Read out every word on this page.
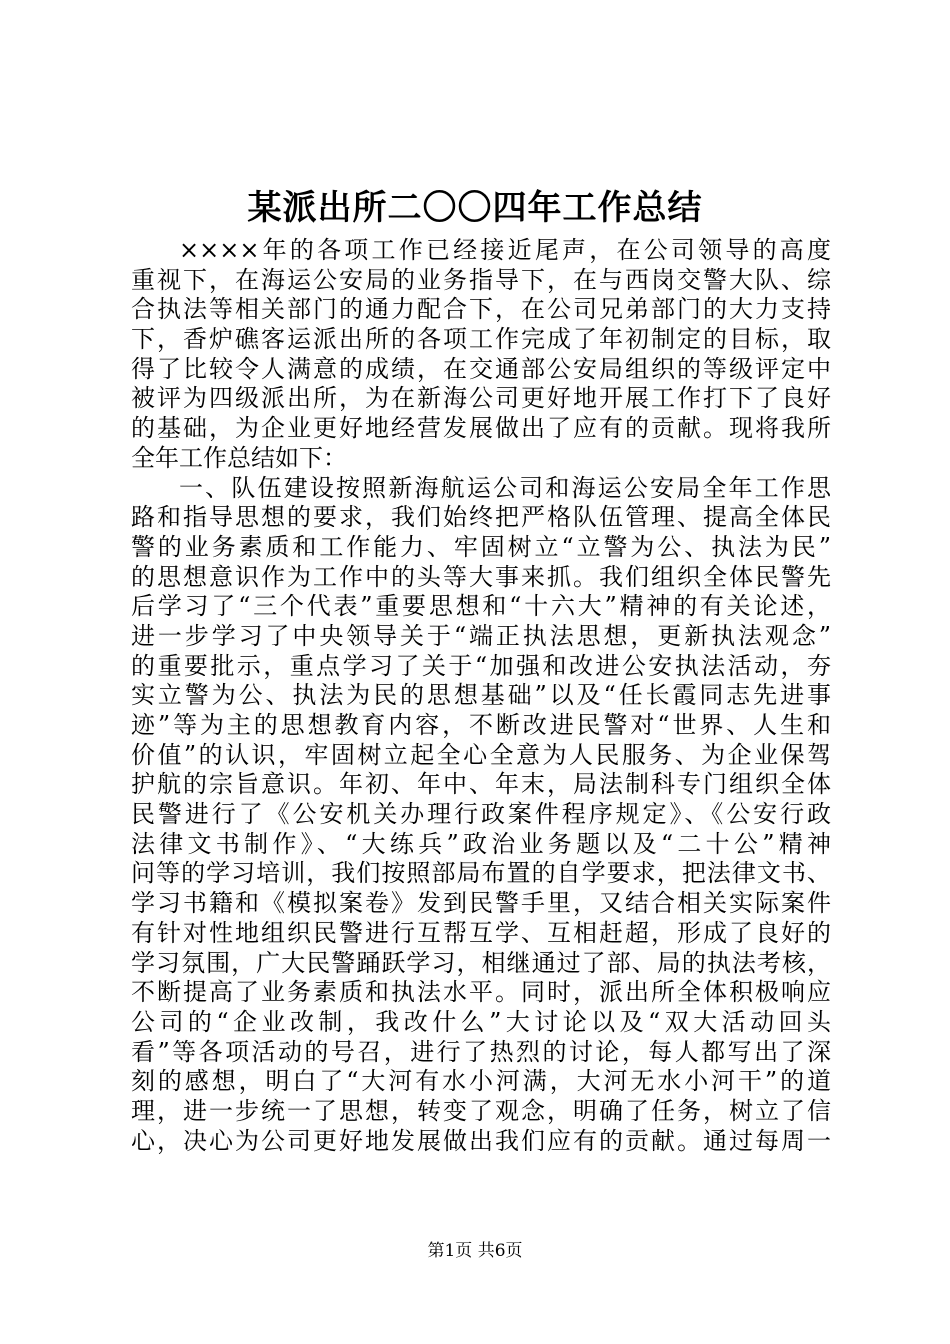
某派出所二〇〇四年工作总结
××××年的各项工作已经接近尾声，在公司领导的高度
重视下，在海运公安局的业务指导下，在与西岗交警大队、综
合执法等相关部门的通力配合下，在公司兄弟部门的大力支持
下，香炉礁客运派出所的各项工作完成了年初制定的目标，取
得了比较令人满意的成绩，在交通部公安局组织的等级评定中
被评为四级派出所，为在新海公司更好地开展工作打下了良好
的基础，为企业更好地经营发展做出了应有的贡献。现将我所
全年工作总结如下：
一、队伍建设按照新海航运公司和海运公安局全年工作思
路和指导思想的要求，我们始终把严格队伍管理、提高全体民
警的业务素质和工作能力、牢固树立“立警为公、执法为民”
的思想意识作为工作中的头等大事来抓。我们组织全体民警先
后学习了“三个代表”重要思想和“十六大”精神的有关论述，
进一步学习了中央领导关于“端正执法思想，更新执法观念”
的重要批示，重点学习了关于“加强和改进公安执法活动，夯
实立警为公、执法为民的思想基础”以及“任长霞同志先进事
迹”等为主的思想教育内容，不断改进民警对“世界、人生和
价值”的认识，牢固树立起全心全意为人民服务、为企业保驾
护航的宗旨意识。年初、年中、年末，局法制科专门组织全体
民警进行了《公安机关办理行政案件程序规定》、《公安行政
法律文书制作》、“大练兵”政治业务题以及“二十公”精神
问等的学习培训，我们按照部局布置的自学要求，把法律文书、
学习书籍和《模拟案卷》发到民警手里，又结合相关实际案件
有针对性地组织民警进行互帮互学、互相赶超，形成了良好的
学习氛围，广大民警踊跃学习，相继通过了部、局的执法考核，
不断提高了业务素质和执法水平。同时，派出所全体积极响应
公司的“企业改制，我改什么”大讨论以及“双大活动回头
看”等各项活动的号召，进行了热烈的讨论，每人都写出了深
刻的感想，明白了“大河有水小河满，大河无水小河干”的道
理，进一步统一了思想，转变了观念，明确了任务，树立了信
心，决心为公司更好地发展做出我们应有的贡献。通过每周一
第1页 共6页
